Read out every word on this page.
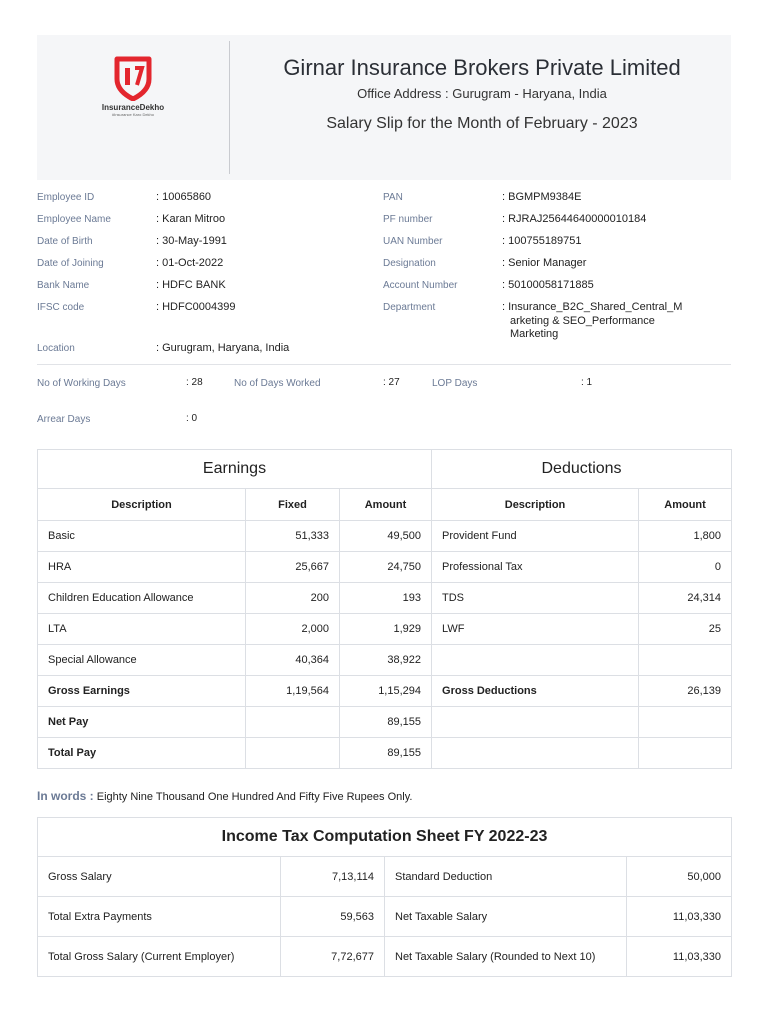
InsuranceDekho
#Insurance Karo Dekho
Girnar Insurance Brokers Private Limited
Office Address : Gurugram - Haryana, India
Salary Slip for the Month of February - 2023
Employee ID	: 10065860
Employee Name	: Karan Mitroo
Date of Birth	: 30-May-1991
Date of Joining	: 01-Oct-2022
Bank Name	: HDFC BANK
IFSC code	: HDFC0004399
Location	: Gurugram, Haryana, India
PAN	: BGMPM9384E
PF number	: RJRAJ25644640000010184
UAN Number	: 100755189751
Designation	: Senior Manager
Account Number	: 50100058171885
Department	: Insurance_B2C_Shared_Central_M
arketing & SEO_Performance
Marketing
No of Working Days	: 28	No of Days Worked	: 27	LOP Days	: 1
Arrear Days	: 0
Earnings			Deductions	
Description	Fixed	Amount	Description	Amount
Basic	51,333	49,500	Provident Fund	1,800
HRA	25,667	24,750	Professional Tax	0
Children Education Allowance	200	193	TDS	24,314
LTA	2,000	1,929	LWF	25
Special Allowance	40,364	38,922		
Gross Earnings	1,19,564	1,15,294	Gross Deductions	26,139
Net Pay		89,155		
Total Pay		89,155		
In words : Eighty Nine Thousand One Hundred And Fifty Five Rupees Only.
Income Tax Computation Sheet FY 2022-23			
Gross Salary	7,13,114	Standard Deduction	50,000
Total Extra Payments	59,563	Net Taxable Salary	11,03,330
Total Gross Salary (Current Employer)	7,72,677	Net Taxable Salary (Rounded to Next 10)	11,03,330
